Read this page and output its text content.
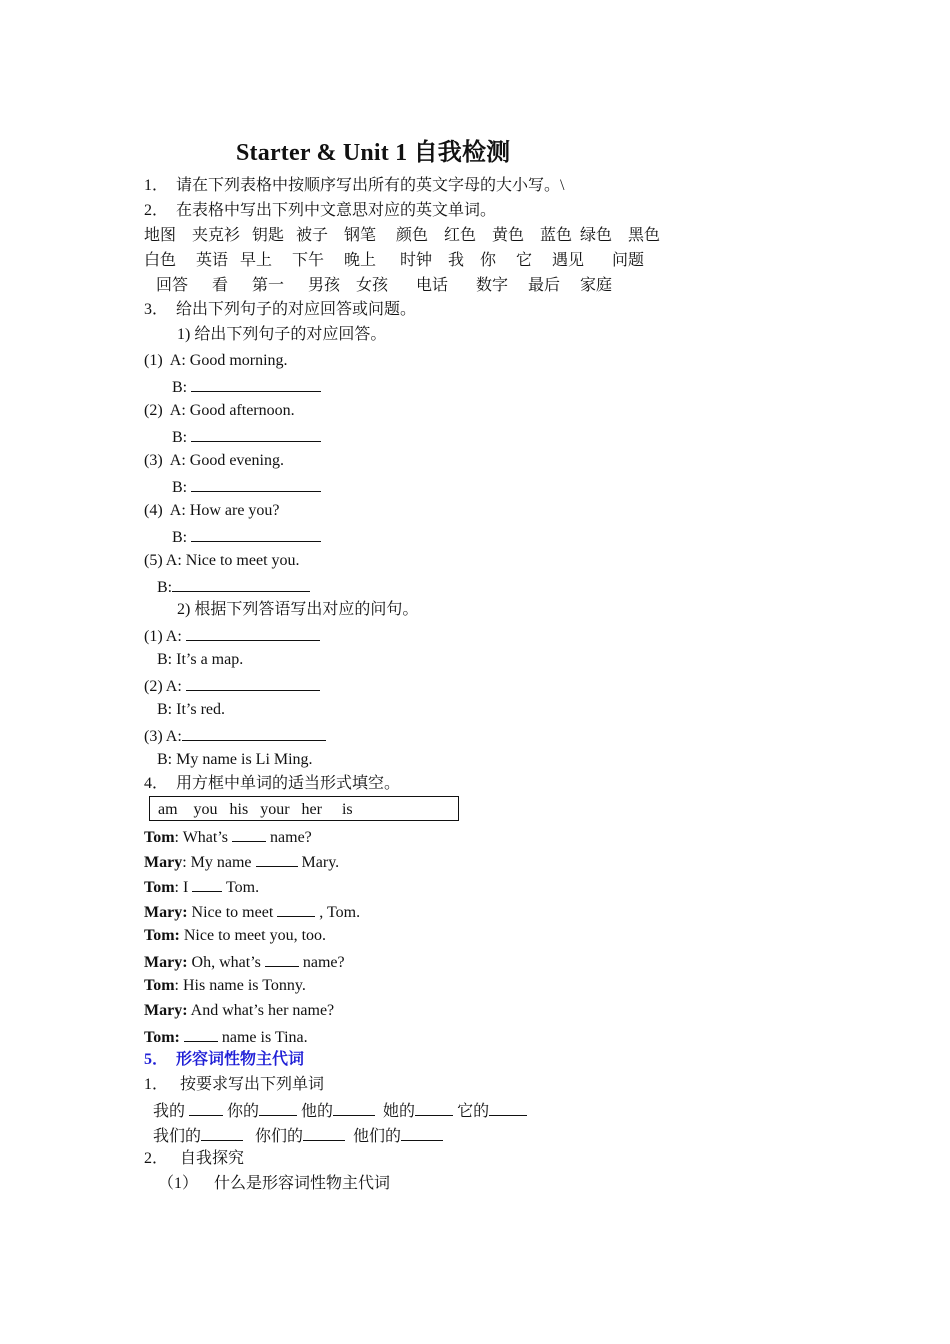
Starter & Unit 1 自我检测
1．  请在下列表格中按顺序写出所有的英文字母的大小写。\
2．  在表格中写出下列中文意思对应的英文单词。
地图    夹克衫   钥匙   被子    钢笔     颜色    红色    黄色    蓝色  绿色    黑色
白色     英语   早上     下午     晚上      时钟    我    你     它     遇见       问题
回答      看      第一      男孩    女孩       电话       数字     最后     家庭
3．  给出下列句子的对应回答或问题。
1) 给出下列句子的对应回答。
(1)  A: Good morning.
B:
(2)  A: Good afternoon.
B:
(3)  A: Good evening.
B:
(4)  A: How are you?
B:
(5) A: Nice to meet you.
B:
2) 根据下列答语写出对应的问句。
(1) A:
B: It’s a map.
(2) A:
B: It’s red.
(3) A:
B: My name is Li Ming.
4．  用方框中单词的适当形式填空。
am    you   his   your   her     is
Tom: What’s  name?
Mary: My name	Mary.
Tom: I  Tom.
Mary: Nice to meet  , Tom.
Tom: Nice to meet you, too.
Mary: Oh, what’s  name?
Tom: His name is Tonny.
Mary: And what’s her name?
Tom:  name is Tina.
5．  形容词性物主代词
1．   按要求写出下列单词
我的  你的 他的	她的 它的
我们的	你们的	他们的
2．   自我探究
（1）    什么是形容词性物主代词
